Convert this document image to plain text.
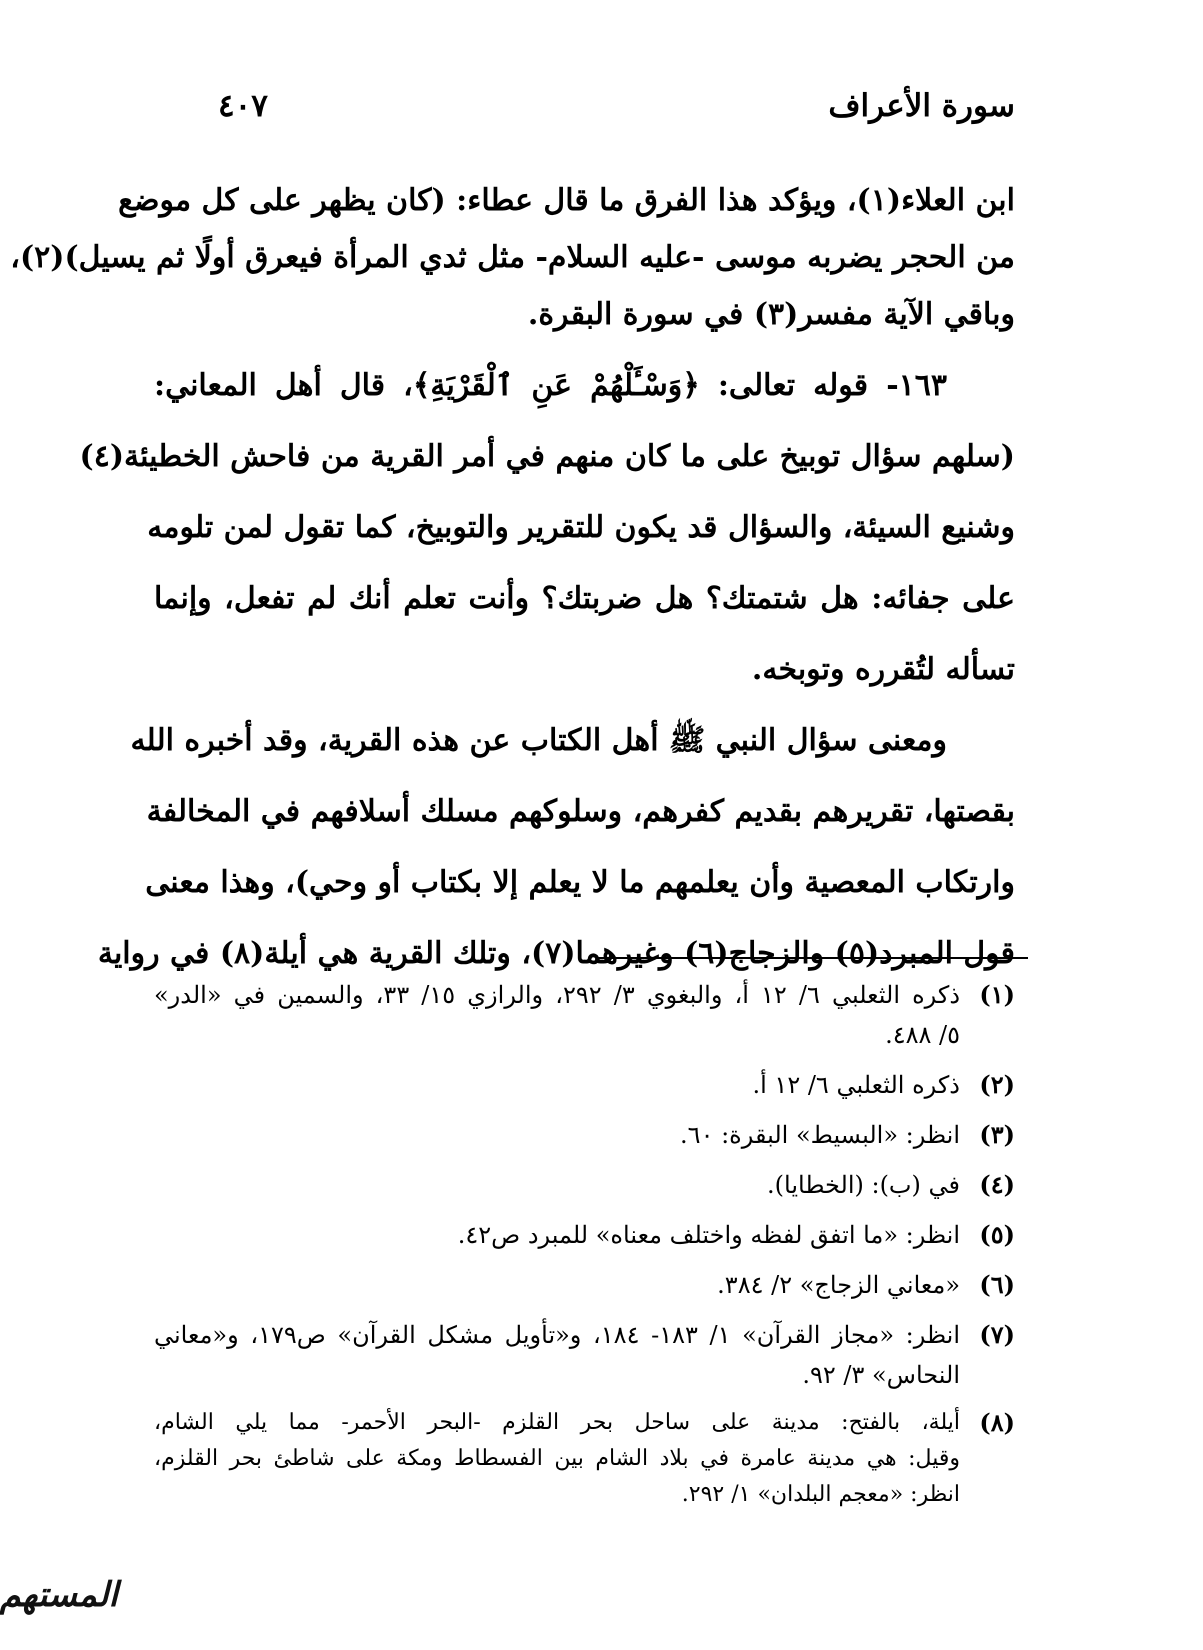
سورة الأعراف
٤٠٧
ابن العلاء(١)، ويؤكد هذا الفرق ما قال عطاء: (كان يظهر على كل موضع
من الحجر يضربه موسى -عليه السلام- مثل ثدي المرأة فيعرق أولًا ثم يسيل)(٢)،
وباقي الآية مفسر(٣) في سورة البقرة.
١٦٣- قوله تعالى: ﴿وَسْـَٔلْهُمْ عَنِ ٱلْقَرْيَةِ﴾، قال أهل المعاني:
(سلهم سؤال توبيخ على ما كان منهم في أمر القرية من فاحش الخطيئة(٤)
وشنيع السيئة، والسؤال قد يكون للتقرير والتوبيخ، كما تقول لمن تلومه
على جفائه: هل شتمتك؟ هل ضربتك؟ وأنت تعلم أنك لم تفعل، وإنما
تسأله لتُقرره وتوبخه.
ومعنى سؤال النبي ﷺ أهل الكتاب عن هذه القرية، وقد أخبره الله
بقصتها، تقريرهم بقديم كفرهم، وسلوكهم مسلك أسلافهم في المخالفة
وارتكاب المعصية وأن يعلمهم ما لا يعلم إلا بكتاب أو وحي)، وهذا معنى
قول المبرد(٥) والزجاج(٦) وغيرهما(٧)، وتلك القرية هي أيلة(٨) في رواية
(١)
ذكره الثعلبي ٦/ ١٢ أ، والبغوي ٣/ ٢٩٢، والرازي ١٥/ ٣٣، والسمين في «الدر»
٥/ ٤٨٨.
(٢)
ذكره الثعلبي ٦/ ١٢ أ.
(٣)
انظر: «البسيط» البقرة: ٦٠.
(٤)
في (ب): (الخطايا).
(٥)
انظر: «ما اتفق لفظه واختلف معناه» للمبرد ص٤٢.
(٦)
«معاني الزجاج» ٢/ ٣٨٤.
(٧)
انظر: «مجاز القرآن» ١/ ١٨٣- ١٨٤، و«تأويل مشكل القرآن» ص١٧٩، و«معاني
النحاس» ٣/ ٩٢.
(٨)
أيلة، بالفتح: مدينة على ساحل بحر القلزم -البحر الأحمر- مما يلي الشام،
وقيل: هي مدينة عامرة في بلاد الشام بين الفسطاط ومكة على شاطئ بحر القلزم،
انظر: «معجم البلدان» ١/ ٢٩٢.
المستهم
